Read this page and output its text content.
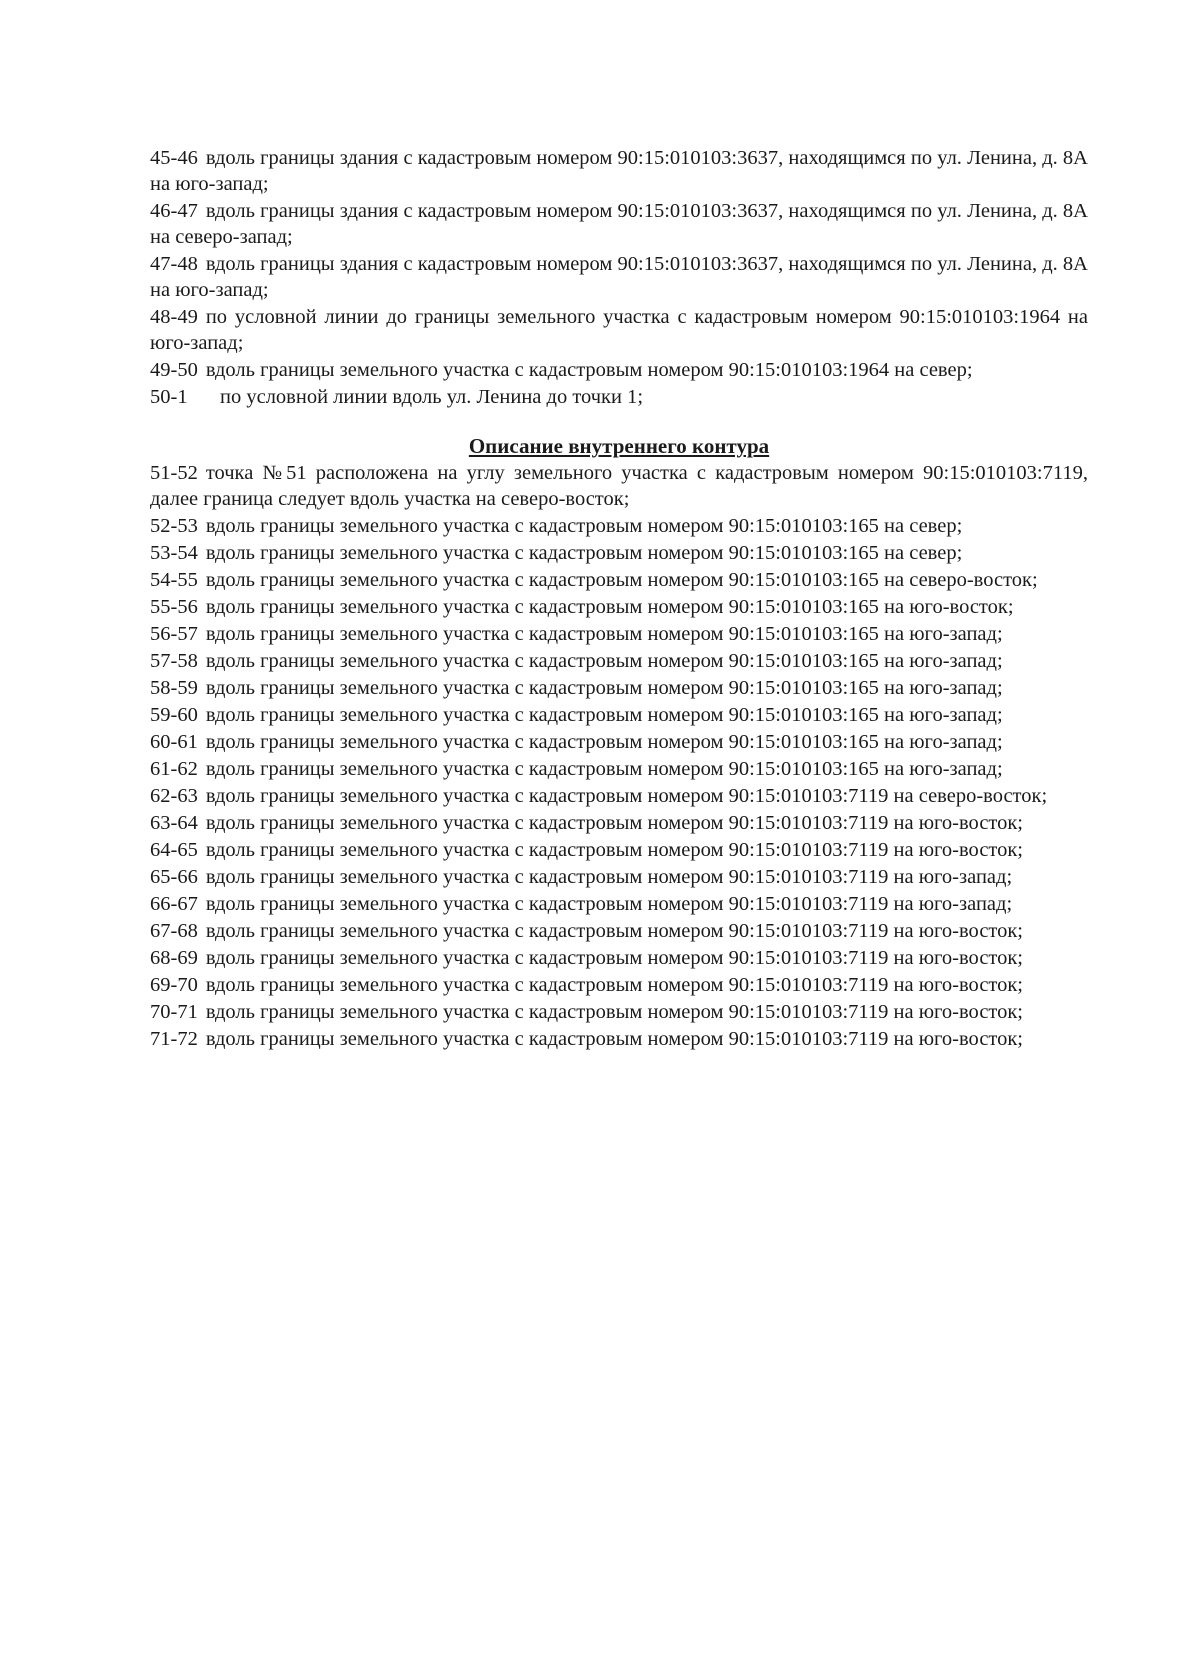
45-46 вдоль границы здания с кадастровым номером 90:15:010103:3637, находящимся по ул. Ленина, д. 8А на юго-запад;

46-47 вдоль границы здания с кадастровым номером 90:15:010103:3637, находящимся по ул. Ленина, д. 8А на северо-запад;

47-48 вдоль границы здания с кадастровым номером 90:15:010103:3637, находящимся по ул. Ленина, д. 8А на юго-запад;

48-49 по условной линии до границы земельного участка с кадастровым номером 90:15:010103:1964 на юго-запад;

49-50 вдоль границы земельного участка с кадастровым номером 90:15:010103:1964 на север;

50-1 по условной линии вдоль ул. Ленина до точки 1;

Описание внутреннего контура

51-52 точка №51 расположена на углу земельного участка с кадастровым номером 90:15:010103:7119, далее граница следует вдоль участка на северо-восток;

52-53 вдоль границы земельного участка с кадастровым номером 90:15:010103:165 на север;

53-54 вдоль границы земельного участка с кадастровым номером 90:15:010103:165 на север;

54-55 вдоль границы земельного участка с кадастровым номером 90:15:010103:165 на северо-восток;

55-56 вдоль границы земельного участка с кадастровым номером 90:15:010103:165 на юго-восток;

56-57 вдоль границы земельного участка с кадастровым номером 90:15:010103:165 на юго-запад;

57-58 вдоль границы земельного участка с кадастровым номером 90:15:010103:165 на юго-запад;

58-59 вдоль границы земельного участка с кадастровым номером 90:15:010103:165 на юго-запад;

59-60 вдоль границы земельного участка с кадастровым номером 90:15:010103:165 на юго-запад;

60-61 вдоль границы земельного участка с кадастровым номером 90:15:010103:165 на юго-запад;

61-62 вдоль границы земельного участка с кадастровым номером 90:15:010103:165 на юго-запад;

62-63 вдоль границы земельного участка с кадастровым номером 90:15:010103:7119 на северо-восток;

63-64 вдоль границы земельного участка с кадастровым номером 90:15:010103:7119 на юго-восток;

64-65 вдоль границы земельного участка с кадастровым номером 90:15:010103:7119 на юго-восток;

65-66 вдоль границы земельного участка с кадастровым номером 90:15:010103:7119 на юго-запад;

66-67 вдоль границы земельного участка с кадастровым номером 90:15:010103:7119 на юго-запад;

67-68 вдоль границы земельного участка с кадастровым номером 90:15:010103:7119 на юго-восток;

68-69 вдоль границы земельного участка с кадастровым номером 90:15:010103:7119 на юго-восток;

69-70 вдоль границы земельного участка с кадастровым номером 90:15:010103:7119 на юго-восток;

70-71 вдоль границы земельного участка с кадастровым номером 90:15:010103:7119 на юго-восток;

71-72 вдоль границы земельного участка с кадастровым номером 90:15:010103:7119 на юго-восток;
